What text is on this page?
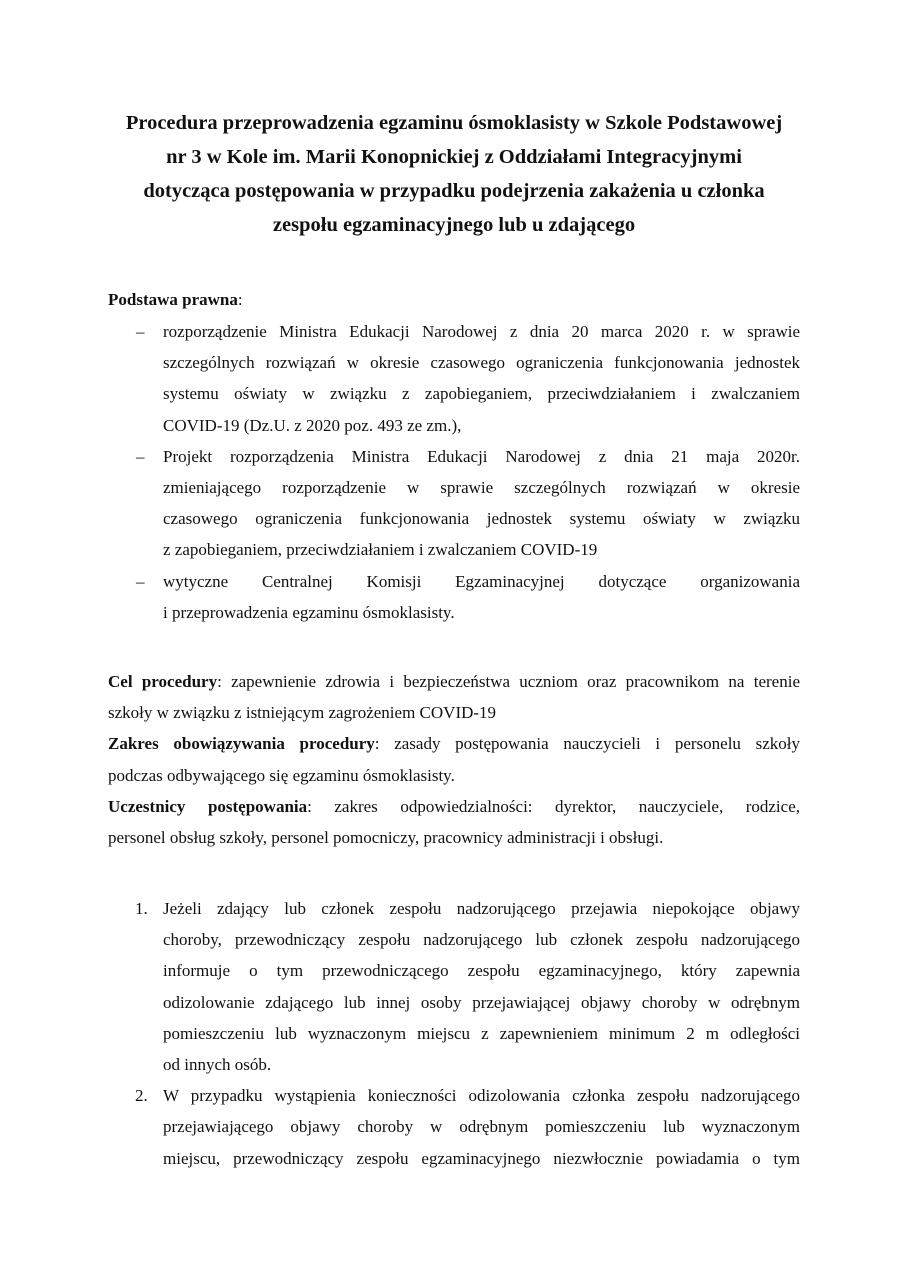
Procedura przeprowadzenia egzaminu ósmoklasisty w Szkole Podstawowej
nr 3 w Kole im. Marii Konopnickiej z Oddziałami Integracyjnymi
dotycząca postępowania w przypadku podejrzenia zakażenia u członka
zespołu egzaminacyjnego lub u zdającego
Podstawa prawna:
– rozporządzenie Ministra Edukacji Narodowej z dnia 20 marca 2020 r. w sprawie
szczególnych rozwiązań w okresie czasowego ograniczenia funkcjonowania jednostek
systemu oświaty w związku z zapobieganiem, przeciwdziałaniem i zwalczaniem
COVID-19 (Dz.U. z 2020 poz. 493 ze zm.),
– Projekt rozporządzenia Ministra Edukacji Narodowej z dnia 21 maja 2020r.
zmieniającego rozporządzenie w sprawie szczególnych rozwiązań w okresie
czasowego ograniczenia funkcjonowania jednostek systemu oświaty w związku
z zapobieganiem, przeciwdziałaniem i zwalczaniem COVID-19
– wytyczne Centralnej Komisji Egzaminacyjnej dotyczące organizowania
i przeprowadzenia egzaminu ósmoklasisty.
Cel procedury: zapewnienie zdrowia i bezpieczeństwa uczniom oraz pracownikom na terenie
szkoły w związku z istniejącym zagrożeniem COVID-19
Zakres obowiązywania procedury: zasady postępowania nauczycieli i personelu szkoły
podczas odbywającego się egzaminu ósmoklasisty.
Uczestnicy postępowania: zakres odpowiedzialności: dyrektor, nauczyciele, rodzice,
personel obsług szkoły, personel pomocniczy, pracownicy administracji i obsługi.
1. Jeżeli zdający lub członek zespołu nadzorującego przejawia niepokojące objawy
choroby, przewodniczący zespołu nadzorującego lub członek zespołu nadzorującego
informuje o tym przewodniczącego zespołu egzaminacyjnego, który zapewnia
odizolowanie zdającego lub innej osoby przejawiającej objawy choroby w odrębnym
pomieszczeniu lub wyznaczonym miejscu z zapewnieniem minimum 2 m odległości
od innych osób.
2. W przypadku wystąpienia konieczności odizolowania członka zespołu nadzorującego
przejawiającego objawy choroby w odrębnym pomieszczeniu lub wyznaczonym
miejscu, przewodniczący zespołu egzaminacyjnego niezwłocznie powiadamia o tym
